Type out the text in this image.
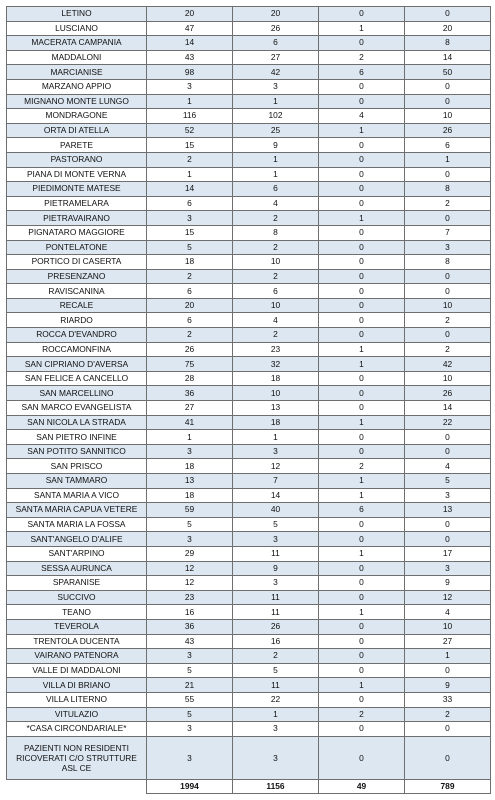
LETINO	20	20	0	0
LUSCIANO	47	26	1	20
MACERATA CAMPANIA	14	6	0	8
MADDALONI	43	27	2	14
MARCIANISE	98	42	6	50
MARZANO APPIO	3	3	0	0
MIGNANO MONTE LUNGO	1	1	0	0
MONDRAGONE	116	102	4	10
ORTA DI ATELLA	52	25	1	26
PARETE	15	9	0	6
PASTORANO	2	1	0	1
PIANA DI MONTE VERNA	1	1	0	0
PIEDIMONTE MATESE	14	6	0	8
PIETRAMELARA	6	4	0	2
PIETRAVAIRANO	3	2	1	0
PIGNATARO MAGGIORE	15	8	0	7
PONTELATONE	5	2	0	3
PORTICO DI CASERTA	18	10	0	8
PRESENZANO	2	2	0	0
RAVISCANINA	6	6	0	0
RECALE	20	10	0	10
RIARDO	6	4	0	2
ROCCA D'EVANDRO	2	2	0	0
ROCCAMONFINA	26	23	1	2
SAN CIPRIANO D'AVERSA	75	32	1	42
SAN FELICE A CANCELLO	28	18	0	10
SAN MARCELLINO	36	10	0	26
SAN MARCO EVANGELISTA	27	13	0	14
SAN NICOLA LA STRADA	41	18	1	22
SAN PIETRO INFINE	1	1	0	0
SAN POTITO SANNITICO	3	3	0	0
SAN PRISCO	18	12	2	4
SAN TAMMARO	13	7	1	5
SANTA MARIA A VICO	18	14	1	3
SANTA MARIA CAPUA VETERE	59	40	6	13
SANTA MARIA LA FOSSA	5	5	0	0
SANT'ANGELO D'ALIFE	3	3	0	0
SANT'ARPINO	29	11	1	17
SESSA AURUNCA	12	9	0	3
SPARANISE	12	3	0	9
SUCCIVO	23	11	0	12
TEANO	16	11	1	4
TEVEROLA	36	26	0	10
TRENTOLA DUCENTA	43	16	0	27
VAIRANO PATENORA	3	2	0	1
VALLE DI MADDALONI	5	5	0	0
VILLA DI BRIANO	21	11	1	9
VILLA LITERNO	55	22	0	33
VITULAZIO	5	1	2	2
*CASA CIRCONDARIALE*	3	3	0	0
PAZIENTI NON RESIDENTI RICOVERATI C/O STRUTTURE ASL CE	3	3	0	0
	1994	1156	49	789
